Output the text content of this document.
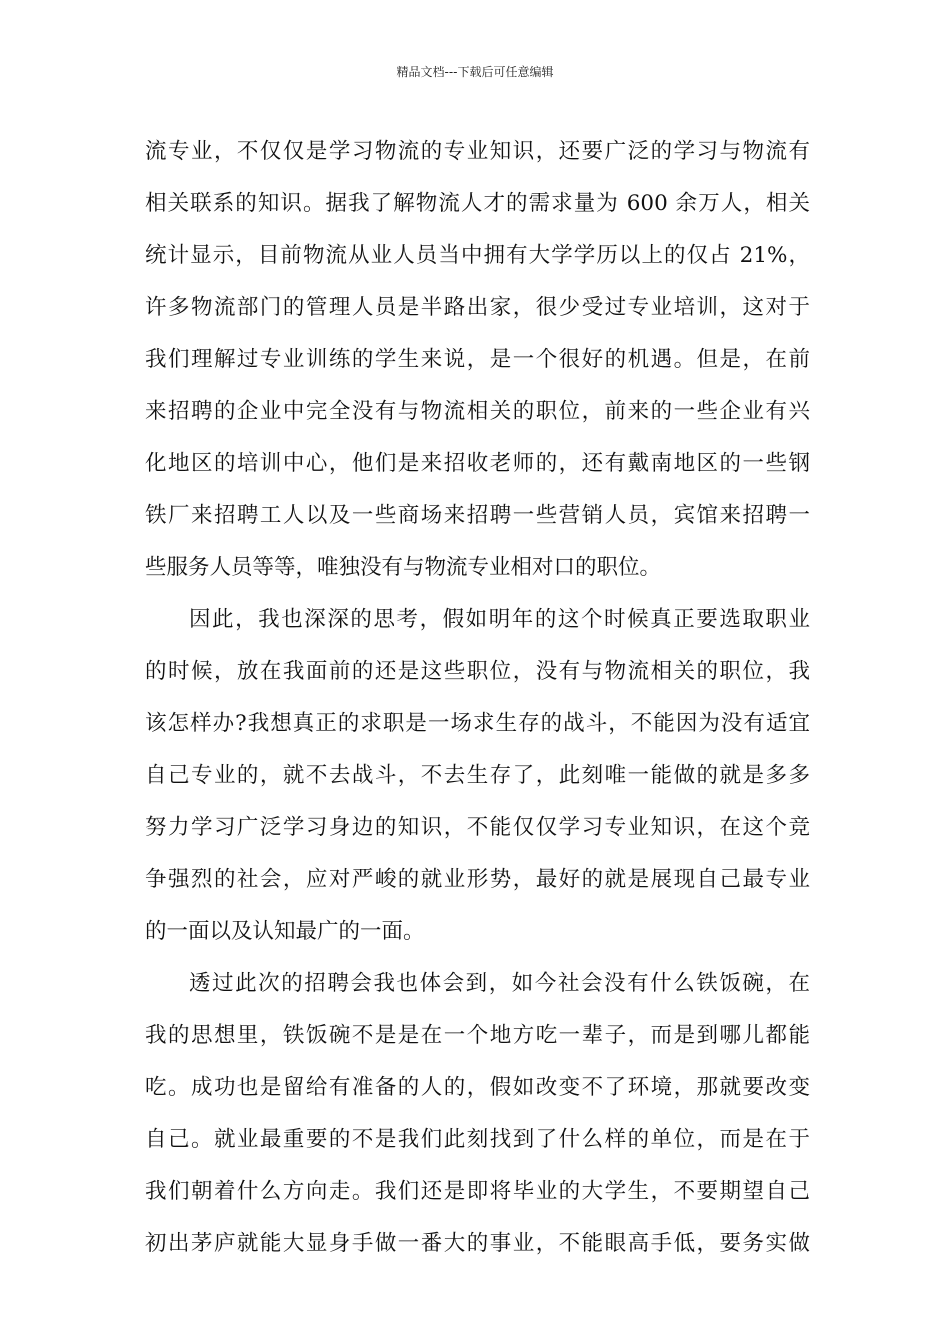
精品文档---下载后可任意编辑
流专业，不仅仅是学习物流的专业知识，还要广泛的学习与物流有
相关联系的知识。据我了解物流人才的需求量为 600 余万人，相关
统计显示，目前物流从业人员当中拥有大学学历以上的仅占 21%，
许多物流部门的管理人员是半路出家，很少受过专业培训，这对于
我们理解过专业训练的学生来说，是一个很好的机遇。但是，在前
来招聘的企业中完全没有与物流相关的职位，前来的一些企业有兴
化地区的培训中心，他们是来招收老师的，还有戴南地区的一些钢
铁厂来招聘工人以及一些商场来招聘一些营销人员，宾馆来招聘一
些服务人员等等，唯独没有与物流专业相对口的职位。
因此，我也深深的思考，假如明年的这个时候真正要选取职业
的时候，放在我面前的还是这些职位，没有与物流相关的职位，我
该怎样办?我想真正的求职是一场求生存的战斗，不能因为没有适宜
自己专业的，就不去战斗，不去生存了，此刻唯一能做的就是多多
努力学习广泛学习身边的知识，不能仅仅学习专业知识，在这个竞
争强烈的社会，应对严峻的就业形势，最好的就是展现自己最专业
的一面以及认知最广的一面。
透过此次的招聘会我也体会到，如今社会没有什么铁饭碗，在
我的思想里，铁饭碗不是是在一个地方吃一辈子，而是到哪儿都能
吃。成功也是留给有准备的人的，假如改变不了环境，那就要改变
自己。就业最重要的不是我们此刻找到了什么样的单位，而是在于
我们朝着什么方向走。我们还是即将毕业的大学生，不要期望自己
初出茅庐就能大显身手做一番大的事业，不能眼高手低，要务实做
